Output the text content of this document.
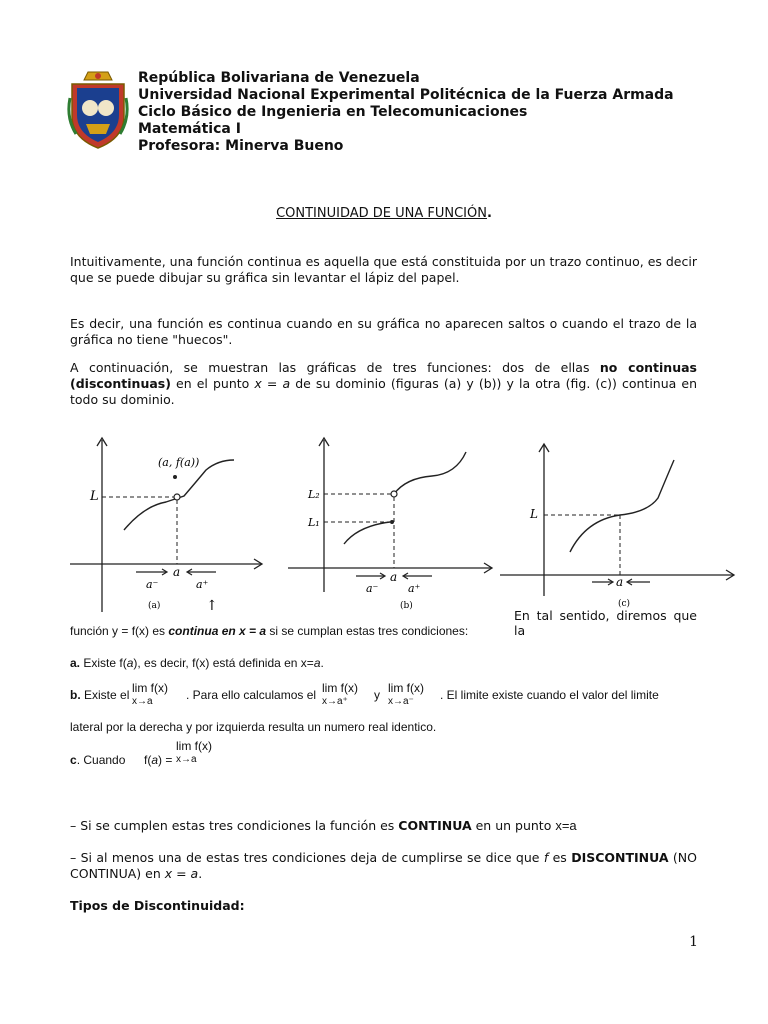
República Bolivariana de Venezuela
Universidad Nacional Experimental Politécnica de la Fuerza Armada
Ciclo Básico de Ingenieria en Telecomunicaciones
Matemática I
Profesora: Minerva Bueno
CONTINUIDAD DE UNA FUNCIÓN.

Intuitivamente, una función continua es aquella que está constituida por un trazo continuo, es decir que se puede dibujar su gráfica sin levantar el lápiz del papel.

Es decir, una función es continua cuando en su gráfica no aparecen saltos o cuando el trazo de la gráfica no tiene "huecos".

A continuación, se muestran las gráficas de tres funciones: dos de ellas no continuas (discontinuas) en el punto x = a de su dominio (figuras (a) y (b)) y la otra (fig. (c)) continua en todo su dominio.

L
(a, f(a))
a
a⁻	a⁺
(a)	↑
L₂
L₁
a
a⁻	a⁺
(b)
L
a
(c)
En tal sentido, diremos que la
función y = f(x) es continua en x = a si se cumplan estas tres condiciones:
a. Existe f(a), es decir, f(x) está definida en x=a.
b. Existe el lim f(x)
x→a	. Para ello calculamos el lim f(x)
x→a⁺	y lim f(x)
x→a⁻	. El limite existe cuando el valor del limite
lateral por la derecha y por izquierda resulta un numero real identico.
c. Cuando f(a) =
lim f(x)
x→a

– Si se cumplen estas tres condiciones la función es CONTINUA en un punto x=a

– Si al menos una de estas tres condiciones deja de cumplirse se dice que f es DISCONTINUA (NO CONTINUA) en x = a.

Tipos de Discontinuidad:
1
